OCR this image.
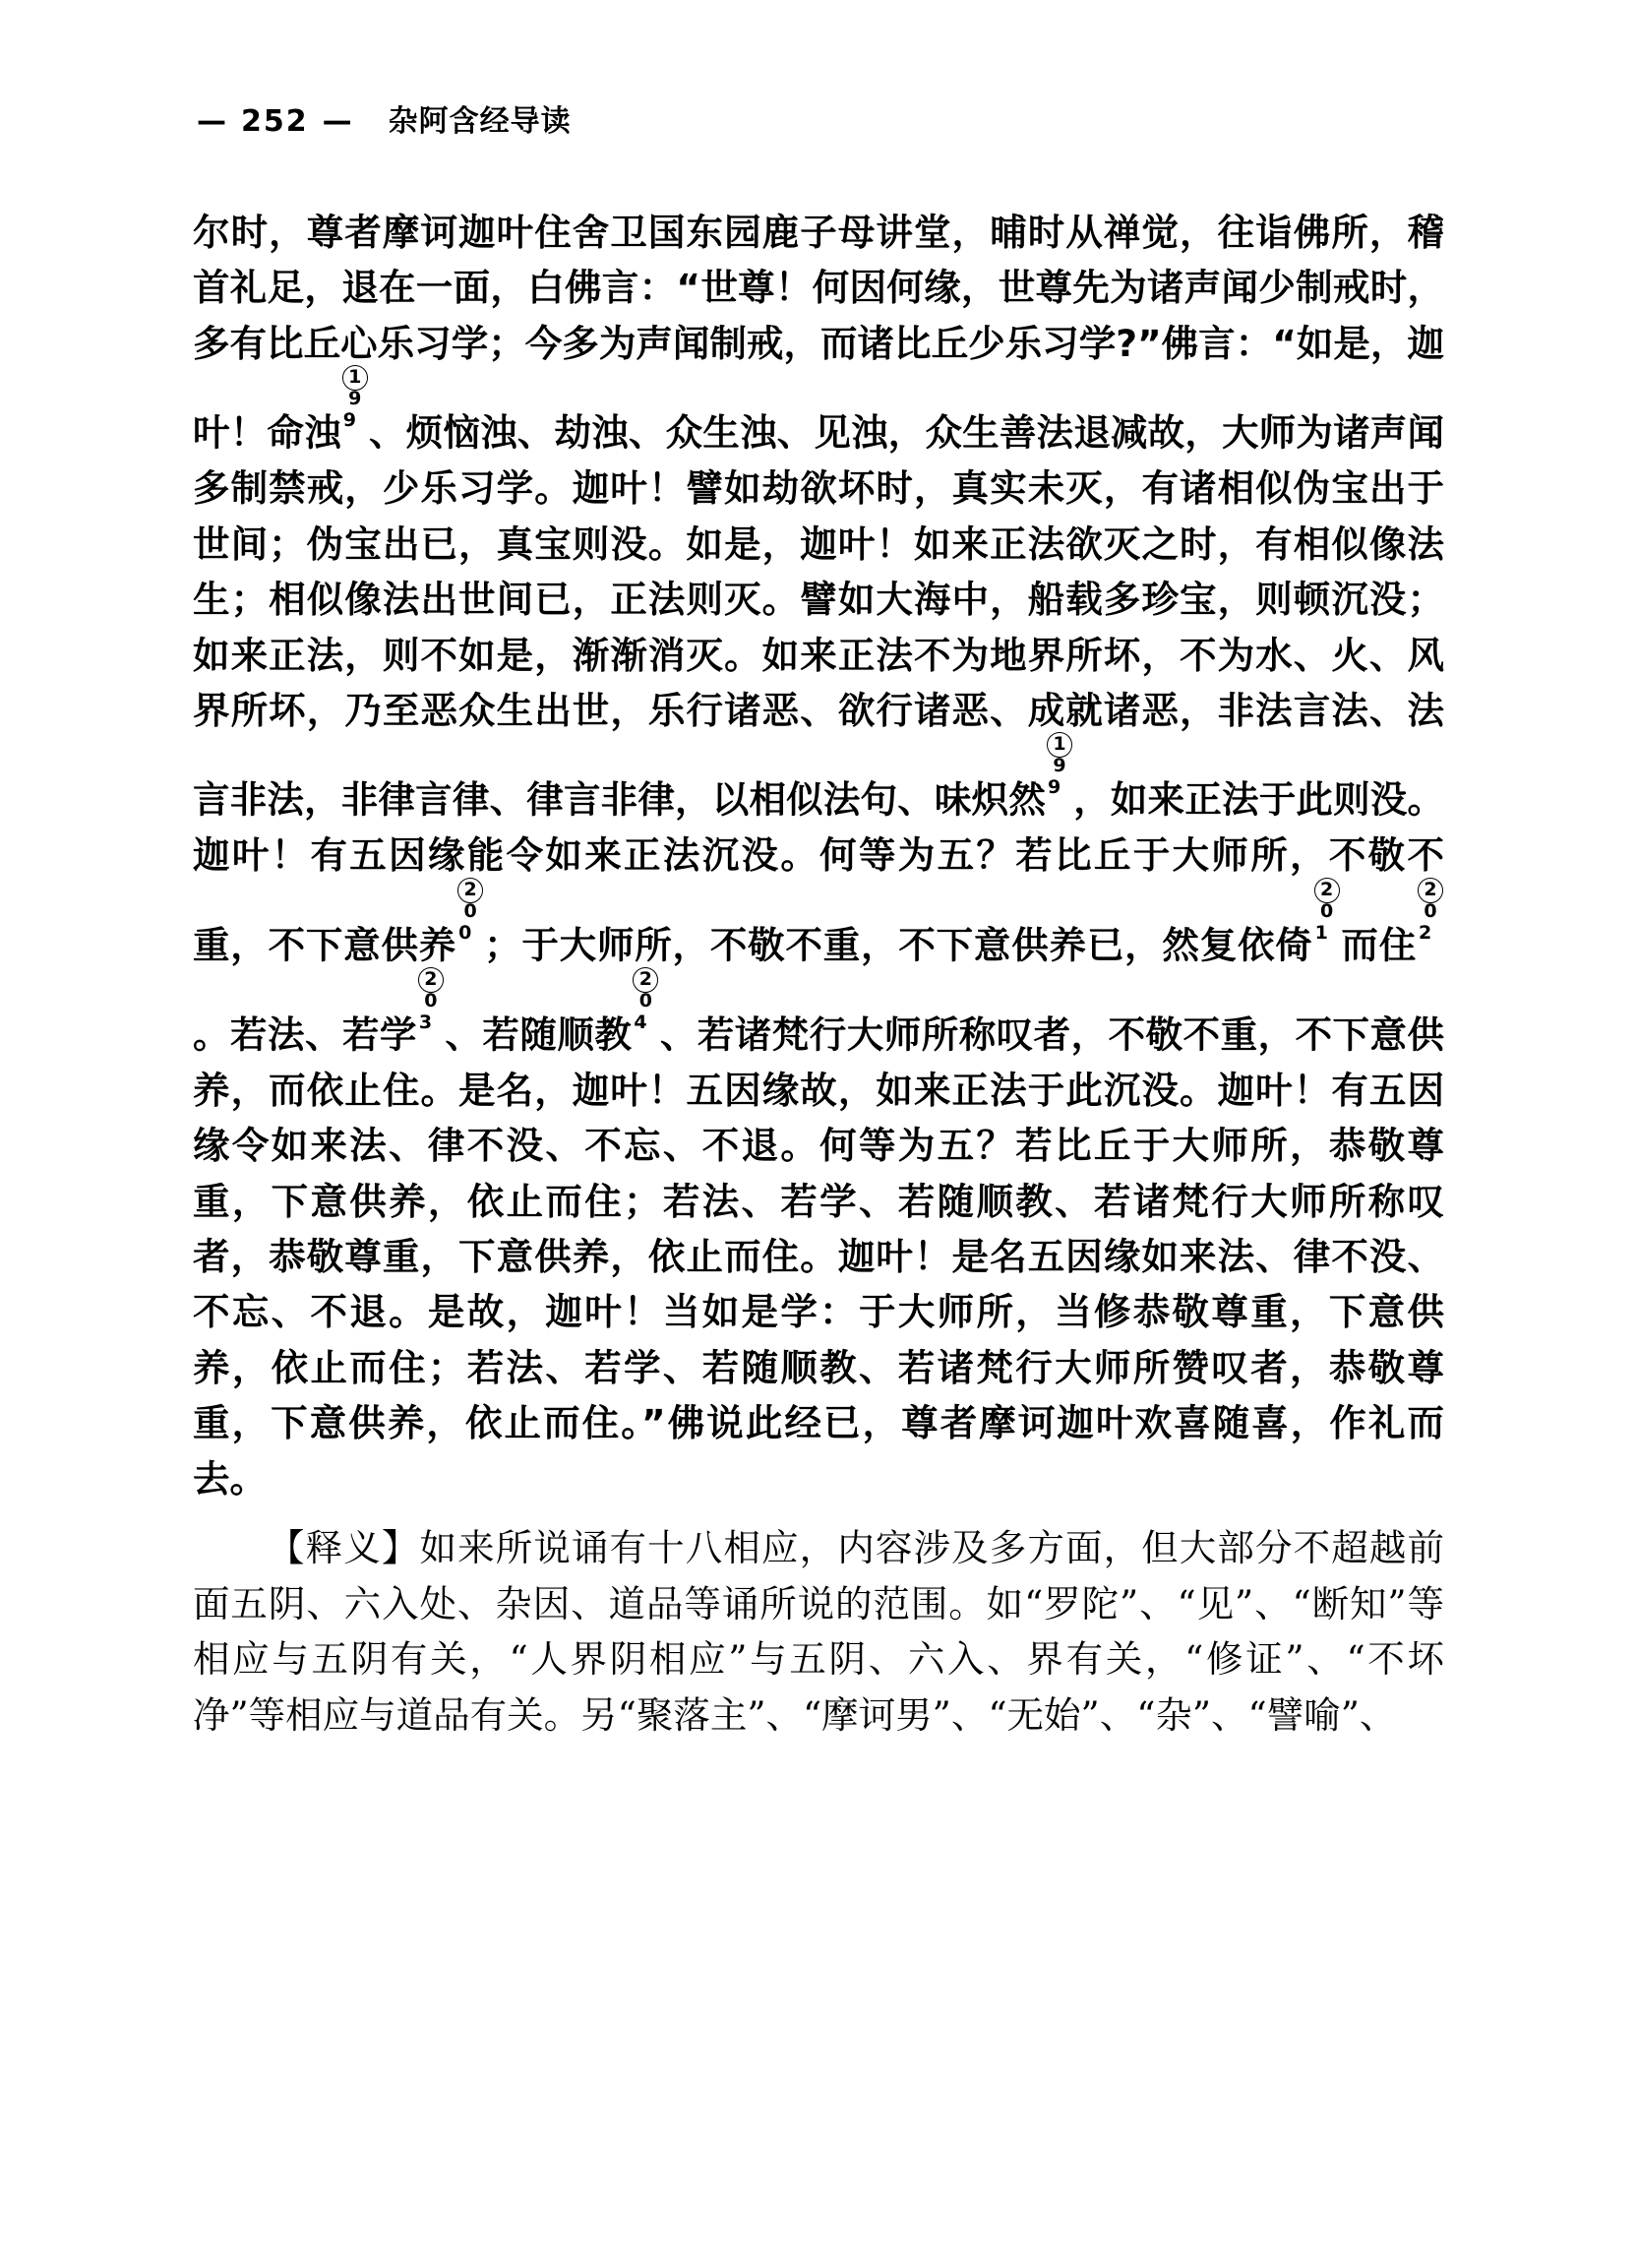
— 252 — 杂阿含经导读
尔时，尊者摩诃迦叶住舍卫国东园鹿子母讲堂，晡时从禅觉，往诣佛所，稽首礼足，退在一面，白佛言：“世尊！何因何缘，世尊先为诸声闻少制戒时，多有比丘心乐习学；今多为声闻制戒，而诸比丘少乐习学?”佛言：“如是，迦叶！命浊199 、烦恼浊、劫浊、众生浊、见浊，众生善法退减故，大师为诸声闻多制禁戒，少乐习学。迦叶！譬如劫欲坏时，真实未灭，有诸相似伪宝出于世间；伪宝出已，真宝则没。如是，迦叶！如来正法欲灭之时，有相似像法生；相似像法出世间已，正法则灭。譬如大海中，船载多珍宝，则顿沉没；如来正法，则不如是，渐渐消灭。如来正法不为地界所坏，不为水、火、风界所坏，乃至恶众生出世，乐行诸恶、欲行诸恶、成就诸恶，非法言法、法言非法，非律言律、律言非律，以相似法句、味炽然199 ，如来正法于此则没。迦叶！有五因缘能令如来正法沉没。何等为五？若比丘于大师所，不敬不重，不下意供养200 ；于大师所，不敬不重，不下意供养已，然复依倚201 而住202。若法、若学203 、若随顺教204 、若诸梵行大师所称叹者，不敬不重，不下意供养，而依止住。是名，迦叶！五因缘故，如来正法于此沉没。迦叶！有五因缘令如来法、律不没、不忘、不退。何等为五？若比丘于大师所，恭敬尊重，下意供养，依止而住；若法、若学、若随顺教、若诸梵行大师所称叹者，恭敬尊重，下意供养，依止而住。迦叶！是名五因缘如来法、律不没、不忘、不退。是故，迦叶！当如是学：于大师所，当修恭敬尊重，下意供养，依止而住；若法、若学、若随顺教、若诸梵行大师所赞叹者，恭敬尊重，下意供养，依止而住。”佛说此经已，尊者摩诃迦叶欢喜随喜，作礼而去。
【释义】如来所说诵有十八相应，内容涉及多方面，但大部分不超越前面五阴、六入处、杂因、道品等诵所说的范围。如“罗陀”、“见”、“断知”等相应与五阴有关，“人界阴相应”与五阴、六入、界有关，“修证”、“不坏净”等相应与道品有关。另“聚落主”、“摩诃男”、“无始”、“杂”、“譬喻”、
